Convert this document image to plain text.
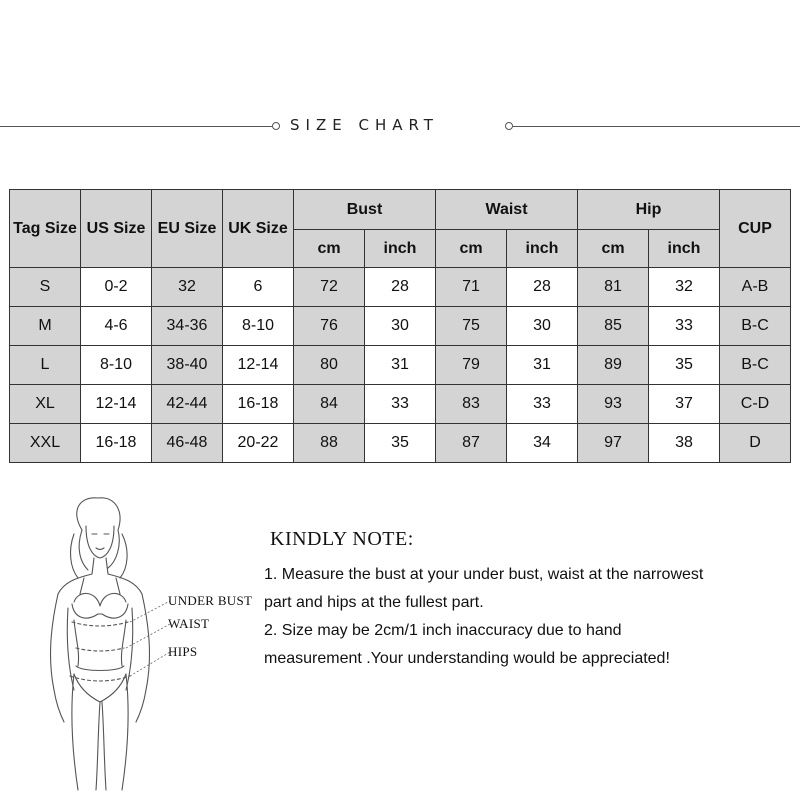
SIZE CHART
Tag Size	US Size	EU Size	UK Size	Bust		Waist		Hip		CUP
				cm	inch	cm	inch	cm	inch	
S	0-2	32	6	72	28	71	28	81	32	A-B
M	4-6	34-36	8-10	76	30	75	30	85	33	B-C
L	8-10	38-40	12-14	80	31	79	31	89	35	B-C
XL	12-14	42-44	16-18	84	33	83	33	93	37	C-D
XXL	16-18	46-48	20-22	88	35	87	34	97	38	D
UNDER BUST
WAIST
HIPS
KINDLY NOTE:
1. Measure the bust at your under bust, waist at the narrowest
part and hips at the fullest part.
2. Size may be 2cm/1 inch inaccuracy due to hand
measurement .Your understanding would be appreciated!
